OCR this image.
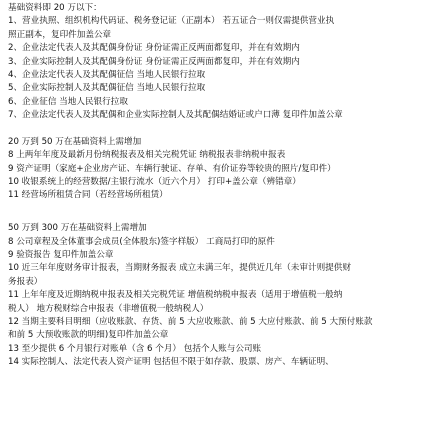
基础资料即 20 万以下：
1、营业执照、组织机构代码证、税务登记证（正副本） 若五证合一则仅需提供营业执
照正副本，复印件加盖公章
2、企业法定代表人及其配偶身份证 身份证需正反两面都复印，并在有效期内
3、企业实际控制人及其配偶身份证 身份证需正反两面都复印，并在有效期内
4、企业法定代表人及其配偶征信 当地人民银行拉取
5、企业实际控制人及其配偶征信 当地人民银行拉取
6、企业征信 当地人民银行拉取
7、企业法定代表人及其配偶和企业实际控制人及其配偶结婚证或户口薄 复印件加盖公章
20 万到 50 万在基础资料上需增加
8 上两年年度及最新月份纳税报表及相关完税凭证 纳税报表非纳税申报表
9 资产证明（家庭+企业房产证、车辆行驶证、存单、有价证券等较贵的照片/复印件）
10 收银系统上的经营数据/主银行流水（近六个月） 打印+盖公章（辨错章）
11 经营场所租赁合同（若经营场所租赁）
50 万到 300 万在基础资料上需增加
8 公司章程及全体董事会成员(全体股东)签字样版） 工商局打印的原件
9 验资报告 复印件加盖公章
10 近三年年度财务审计报表，当期财务报表 成立未满三年，提供近几年（未审计则提供财
务报表）
11 上年年度及近期纳税申报表及相关完税凭证 增值税纳税申报表（适用于增值税一般纳
税人） 地方税财综合申报表（非增值税一般纳税人）
12 当期主要科目明细（应收账款、存货、前 5 大应收账款、前 5 大应付账款、前 5 大预付账款
和前 5 大预收账款的明细)复印件加盖公章
13 至少提供 6 个月银行对账单（含 6 个月） 包括个人账与公司账
14 实际控制人、法定代表人资产证明 包括但不限于如存款、股票、房产、车辆证明、
